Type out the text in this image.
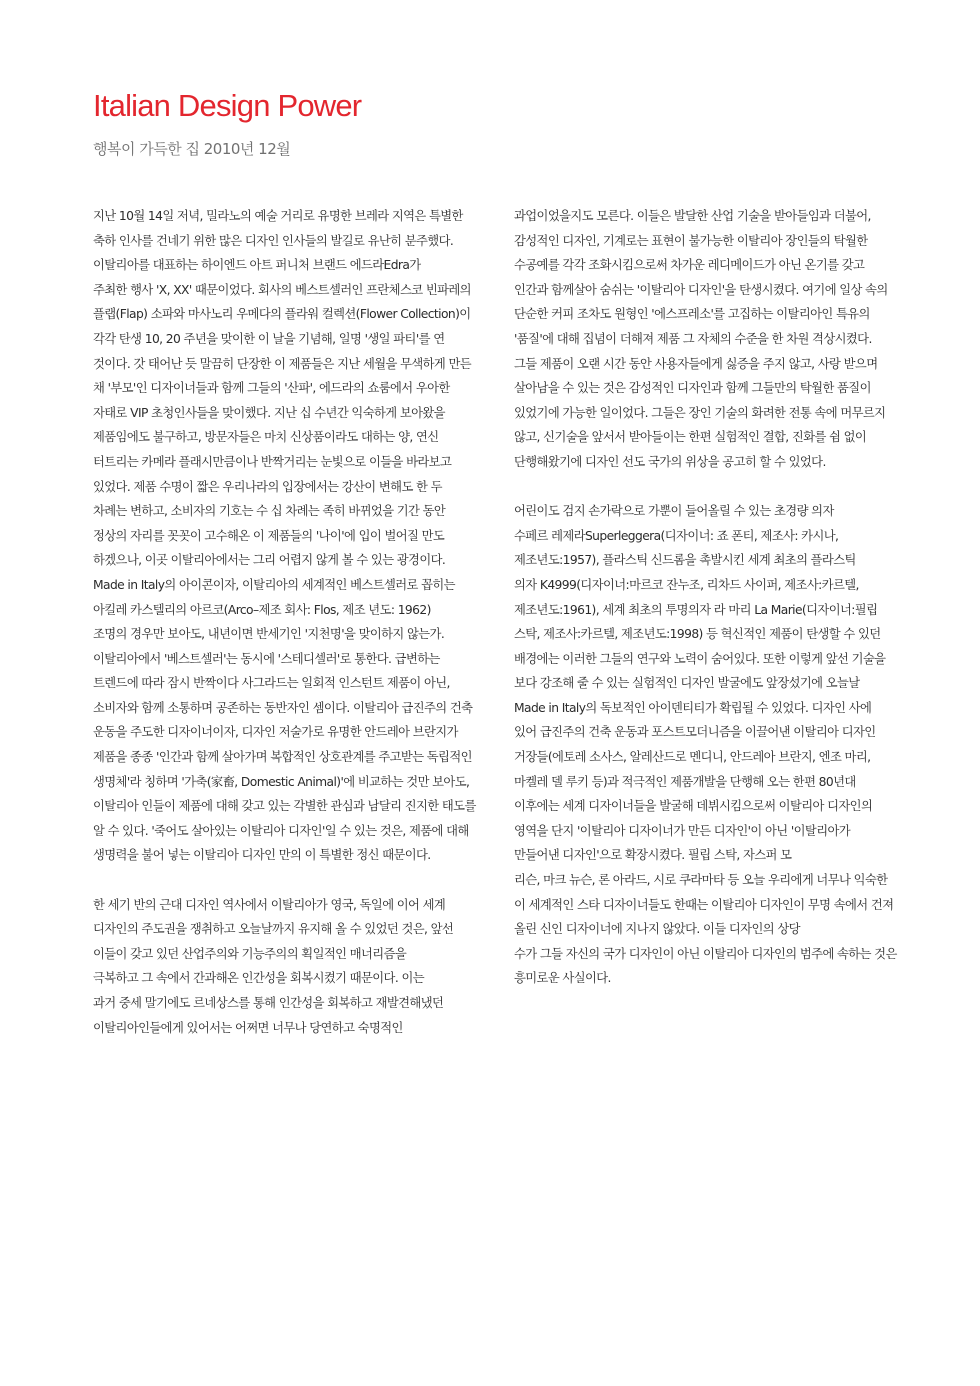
Italian Design Power
행복이 가득한 집 2010년 12월
지난 10월 14일 저녁, 밀라노의 예술 거리로 유명한 브레라 지역은 특별한
축하 인사를 건네기 위한 많은 디자인 인사들의 발길로 유난히 분주했다.
이탈리아를 대표하는 하이엔드 아트 퍼니처 브랜드 에드라Edra가
주최한 행사 'X, XX' 때문이었다. 회사의 베스트셀러인 프란체스코 빈파레의
플랩(Flap) 소파와 마사노리 우메다의 플라워 컬렉션(Flower Collection)이
각각 탄생 10, 20 주년을 맞이한 이 날을 기념해, 일명 '생일 파티'를 연
것이다. 갓 태어난 듯 말끔히 단장한 이 제품들은 지난 세월을 무색하게 만든
채 '부모'인 디자이너들과 함께 그들의 '산파', 에드라의 쇼룸에서 우아한
자태로 VIP 초청인사들을 맞이했다. 지난 십 수년간 익숙하게 보아왔을
제품임에도 불구하고, 방문자들은 마치 신상품이라도 대하는 양, 연신
터트리는 카메라 플래시만큼이나 반짝거리는 눈빛으로 이들을 바라보고
있었다. 제품 수명이 짧은 우리나라의 입장에서는 강산이 변해도 한 두
차례는 변하고, 소비자의 기호는 수 십 차례는 족히 바뀌었을 기간 동안
정상의 자리를 꼿꼿이 고수해온 이 제품들의 '나이'에 입이 벌어질 만도
하겠으나, 이곳 이탈리아에서는 그리 어렵지 않게 볼 수 있는 광경이다.
Made in Italy의 아이콘이자, 이탈리아의 세계적인 베스트셀러로 꼽히는
아킬레 카스텔리의 아르코(Arco–제조 회사: Flos, 제조 년도: 1962)
조명의 경우만 보아도, 내년이면 반세기인 '지천명'을 맞이하지 않는가.
이탈리아에서 '베스트셀러'는 동시에 '스테디셀러'로 통한다. 급변하는
트렌드에 따라 잠시 반짝이다 사그라드는 일회적 인스턴트 제품이 아닌,
소비자와 함께 소통하며 공존하는 동반자인 셈이다. 이탈리아 급진주의 건축
운동을 주도한 디자이너이자, 디자인 저술가로 유명한 안드레아 브란지가
제품을 종종 '인간과 함께 살아가며 복합적인 상호관계를 주고받는 독립적인
생명체'라 칭하며 '가축(家畜, Domestic Animal)'에 비교하는 것만 보아도,
이탈리아 인들이 제품에 대해 갖고 있는 각별한 관심과 남달리 진지한 태도를
알 수 있다. '죽어도 살아있는 이탈리아 디자인'일 수 있는 것은, 제품에 대해
생명력을 불어 넣는 이탈리아 디자인 만의 이 특별한 정신 때문이다.
한 세기 반의 근대 디자인 역사에서 이탈리아가 영국, 독일에 이어 세계
디자인의 주도권을 쟁취하고 오늘날까지 유지해 올 수 있었던 것은, 앞선
이들이 갖고 있던 산업주의와 기능주의의 획일적인 매너리즘을
극복하고 그 속에서 간과해온 인간성을 회복시켰기 때문이다. 이는
과거 중세 말기에도 르네상스를 통해 인간성을 회복하고 재발견해냈던
이탈리아인들에게 있어서는 어쩌면 너무나 당연하고 숙명적인
과업이었을지도 모른다. 이들은 발달한 산업 기술을 받아들임과 더불어,
감성적인 디자인, 기계로는 표현이 불가능한 이탈리아 장인들의 탁월한
수공예를 각각 조화시킴으로써 차가운 레디메이드가 아닌 온기를 갖고
인간과 함께살아 숨쉬는 '이탈리아 디자인'을 탄생시켰다. 여기에 일상 속의
단순한 커피 조차도 원형인 '에스프레소'를 고집하는 이탈리아인 특유의
'품질'에 대해 집념이 더해져 제품 그 자체의 수준을 한 차원 격상시켰다.
그들 제품이 오랜 시간 동안 사용자들에게 싫증을 주지 않고, 사랑 받으며
살아남을 수 있는 것은 감성적인 디자인과 함께 그들만의 탁월한 품질이
있었기에 가능한 일이었다. 그들은 장인 기술의 화려한 전통 속에 머무르지
않고, 신기술을 앞서서 받아들이는 한편 실험적인 결합, 진화를 쉼 없이
단행해왔기에 디자인 선도 국가의 위상을 공고히 할 수 있었다.
어린이도 검지 손가락으로 가뿐이 들어올릴 수 있는 초경량 의자
수페르 레제라Superleggera(디자이너: 죠 폰티, 제조사: 카시나,
제조년도:1957), 플라스틱 신드롬을 촉발시킨 세계 최초의 플라스틱
의자 K4999(디자이너:마르코 잔누조, 리차드 사이퍼, 제조사:카르텔,
제조년도:1961), 세계 최초의 투명의자 라 마리 La Marie(디자이너:필립
스탁, 제조사:카르텔, 제조년도:1998) 등 혁신적인 제품이 탄생할 수 있던
배경에는 이러한 그들의 연구와 노력이 숨어있다. 또한 이렇게 앞선 기술을
보다 강조해 줄 수 있는 실험적인 디자인 발굴에도 앞장섰기에 오늘날
Made in Italy의 독보적인 아이덴티티가 확립될 수 있었다. 디자인 사에
있어 급진주의 건축 운동과 포스트모더니즘을 이끌어낸 이탈리아 디자인
거장들(에토레 소사스, 알레산드로 멘디니, 안드레아 브란지, 엔조 마리,
마켈레 델 루키 등)과 적극적인 제품개발을 단행해 오는 한편 80년대
이후에는 세계 디자이너들을 발굴해 데뷔시킴으로써 이탈리아 디자인의
영역을 단지 '이탈리아 디자이너가 만든 디자인'이 아닌 '이탈리아가
만들어낸 디자인'으로 확장시켰다. 필립 스탁, 자스퍼 모
리슨, 마크 뉴슨, 론 아라드, 시로 쿠라마타 등 오늘 우리에게 너무나 익숙한
이 세계적인 스타 디자이너들도 한때는 이탈리아 디자인이 무명 속에서 건져
올린 신인 디자이너에 지나지 않았다. 이들 디자인의 상당
수가 그들 자신의 국가 디자인이 아닌 이탈리아 디자인의 범주에 속하는 것은
흥미로운 사실이다.
